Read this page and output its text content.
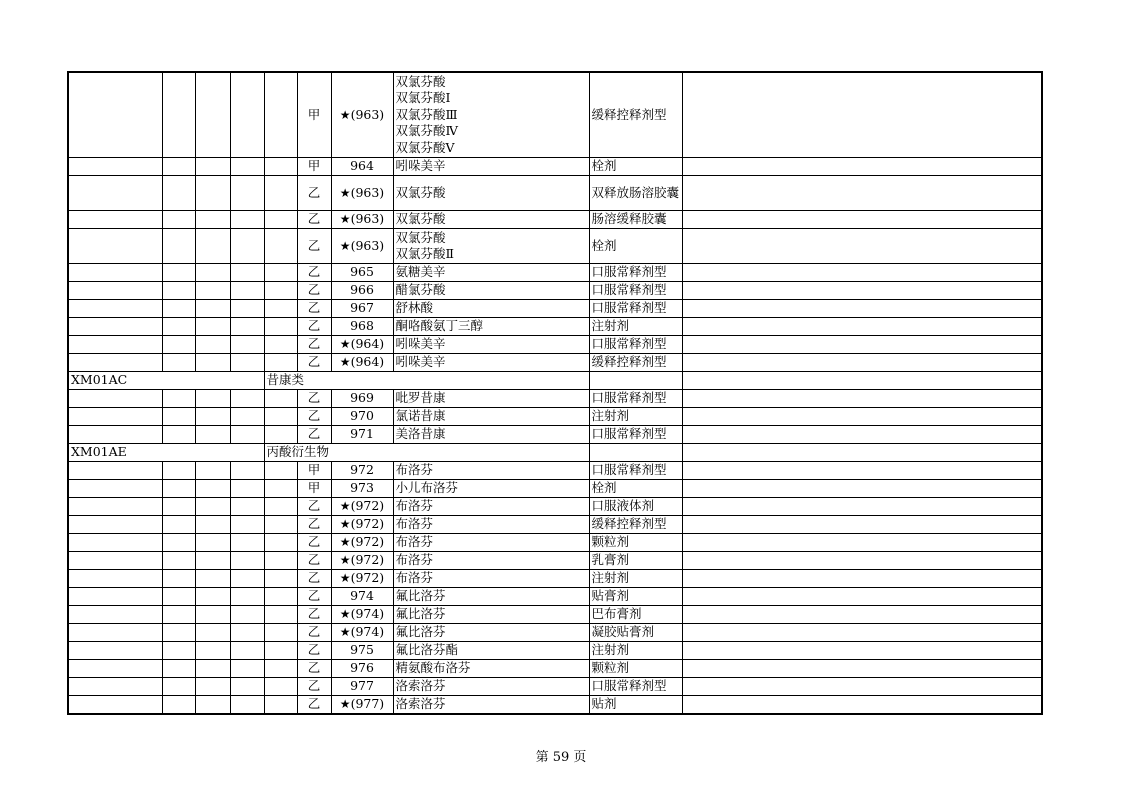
					甲	★(963)	双氯芬酸
双氯芬酸Ⅰ
双氯芬酸Ⅲ
双氯芬酸Ⅳ
双氯芬酸Ⅴ	缓释控释剂型	
					甲	964	吲哚美辛	栓剂	
					乙	★(963)	双氯芬酸	双释放肠溶胶囊	
					乙	★(963)	双氯芬酸	肠溶缓释胶囊	
					乙	★(963)	双氯芬酸
双氯芬酸Ⅱ	栓剂	
					乙	965	氨糖美辛	口服常释剂型	
					乙	966	醋氯芬酸	口服常释剂型	
					乙	967	舒林酸	口服常释剂型	
					乙	968	酮咯酸氨丁三醇	注射剂	
					乙	★(964)	吲哚美辛	口服常释剂型	
					乙	★(964)	吲哚美辛	缓释控释剂型	
XM01AC				昔康类					
					乙	969	吡罗昔康	口服常释剂型	
					乙	970	氯诺昔康	注射剂	
					乙	971	美洛昔康	口服常释剂型	
XM01AE				丙酸衍生物					
					甲	972	布洛芬	口服常释剂型	
					甲	973	小儿布洛芬	栓剂	
					乙	★(972)	布洛芬	口服液体剂	
					乙	★(972)	布洛芬	缓释控释剂型	
					乙	★(972)	布洛芬	颗粒剂	
					乙	★(972)	布洛芬	乳膏剂	
					乙	★(972)	布洛芬	注射剂	
					乙	974	氟比洛芬	贴膏剂	
					乙	★(974)	氟比洛芬	巴布膏剂	
					乙	★(974)	氟比洛芬	凝胶贴膏剂	
					乙	975	氟比洛芬酯	注射剂	
					乙	976	精氨酸布洛芬	颗粒剂	
					乙	977	洛索洛芬	口服常释剂型	
					乙	★(977)	洛索洛芬	贴剂	
第 59 页
